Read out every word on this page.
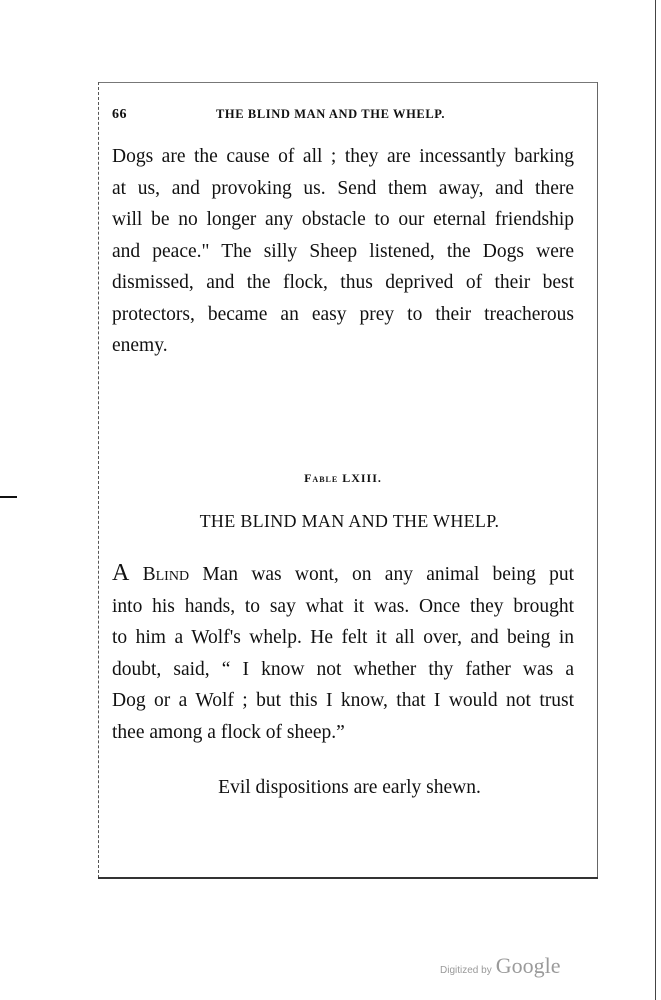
66	THE BLIND MAN AND THE WHELP.
Dogs are the cause of all ; they are incessantly barking
at us, and provoking us. Send them away, and there
will be no longer any obstacle to our eternal friendship
and peace." The silly Sheep listened, the Dogs were
dismissed, and the flock, thus deprived of their best
protectors, became an easy prey to their treacherous
enemy.
Fable LXIII.
THE BLIND MAN AND THE WHELP.
A Blind Man was wont, on any animal being put
into his hands, to say what it was. Once they brought
to him a Wolf's whelp. He felt it all over, and being in
doubt, said, “ I know not whether thy father was a
Dog or a Wolf ; but this I know, that I would not trust
thee among a flock of sheep.”
Evil dispositions are early shewn.
Digitized by Google
